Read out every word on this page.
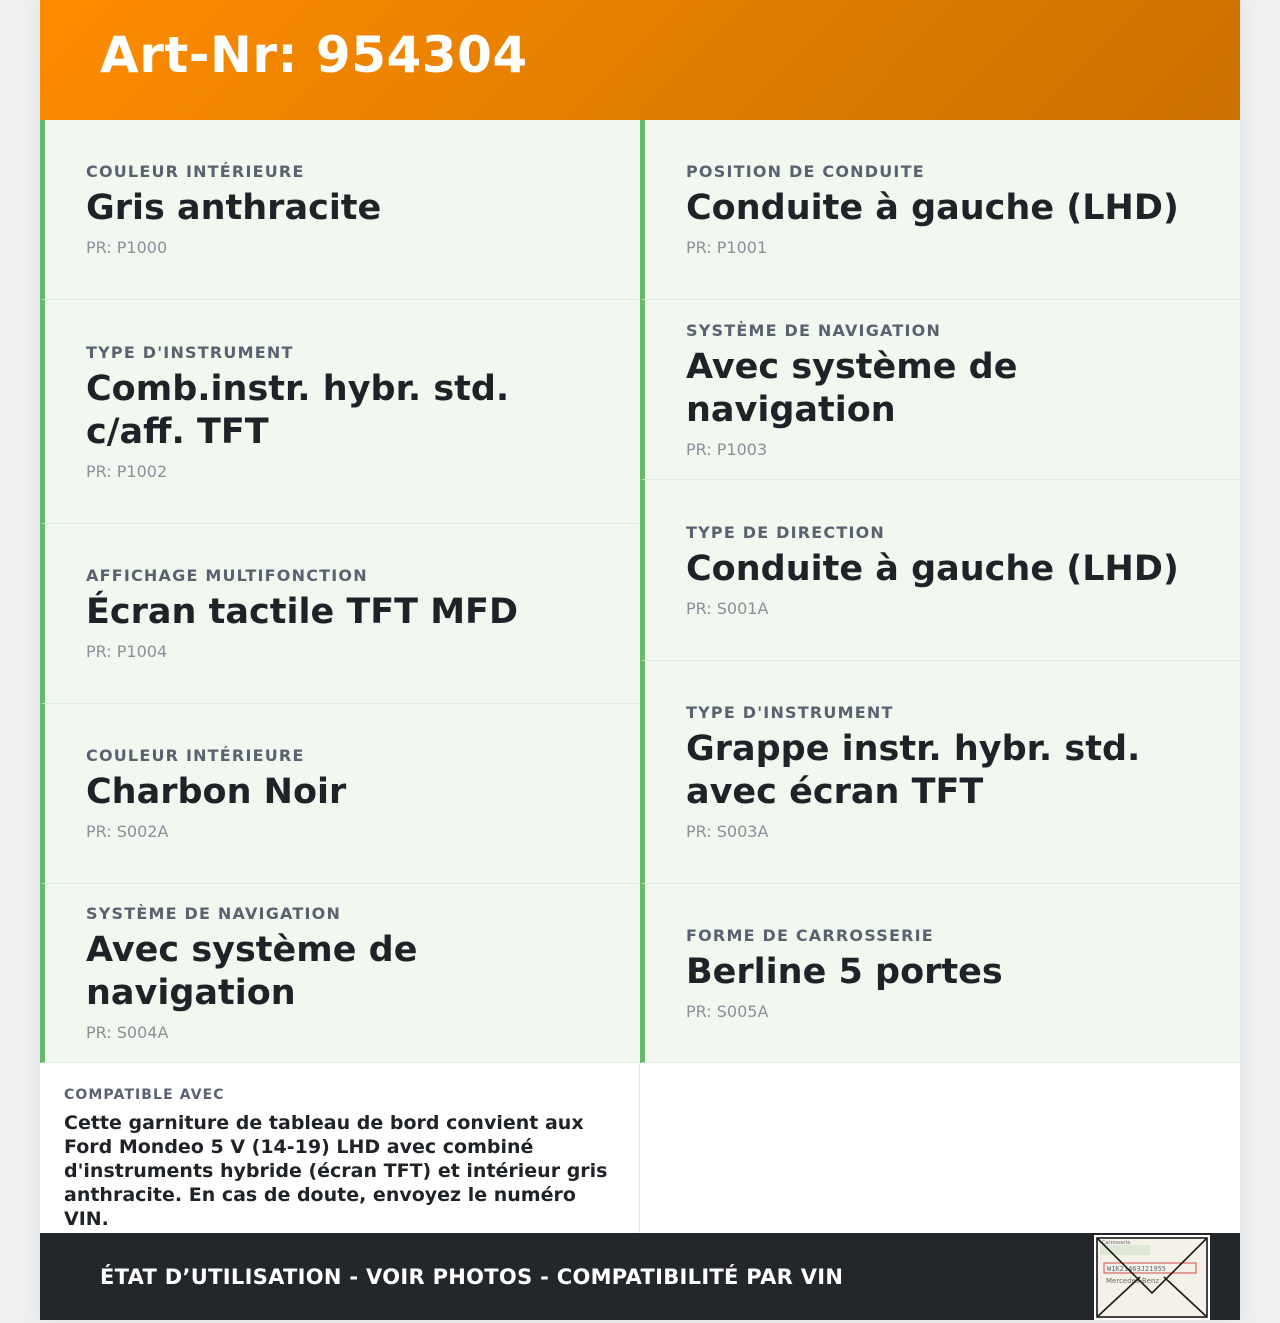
Art-Nr: 954304
COULEUR INTÉRIEURE
Gris anthracite
PR: P1000
TYPE D'INSTRUMENT
Comb.instr. hybr. std. c/aff. TFT
PR: P1002
AFFICHAGE MULTIFONCTION
Écran tactile TFT MFD
PR: P1004
COULEUR INTÉRIEURE
Charbon Noir
PR: S002A
SYSTÈME DE NAVIGATION
Avec système de navigation
PR: S004A
POSITION DE CONDUITE
Conduite à gauche (LHD)
PR: P1001
SYSTÈME DE NAVIGATION
Avec système de navigation
PR: P1003
TYPE DE DIRECTION
Conduite à gauche (LHD)
PR: S001A
TYPE D'INSTRUMENT
Grappe instr. hybr. std. avec écran TFT
PR: S003A
FORME DE CARROSSERIE
Berline 5 portes
PR: S005A
COMPATIBLE AVEC
Cette garniture de tableau de bord convient aux Ford Mondeo 5 V (14-19) LHD avec combiné d'instruments hybride (écran TFT) et intérieur gris anthracite. En cas de doute, envoyez le numéro VIN.
ÉTAT D’UTILISATION - VOIR PHOTOS - COMPATIBILITÉ PAR VIN
Carrosserie
W1K21463J21955
Mercedes-Benz
